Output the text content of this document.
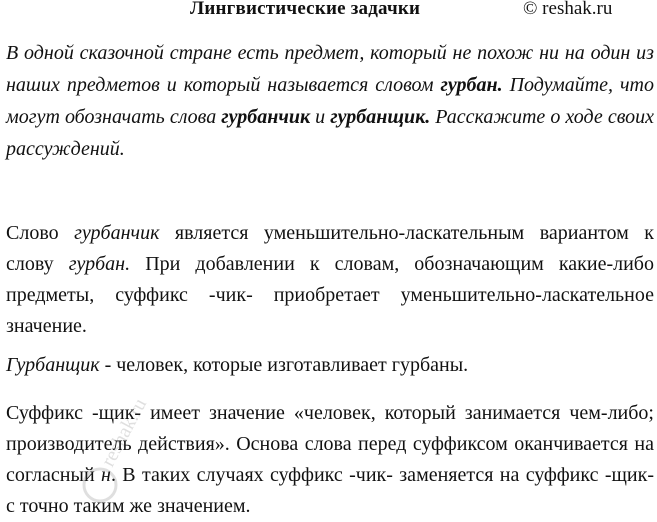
Лингвистические задачки	© reshak.ru
В одной сказочной стране есть предмет, который не похож ни на один из наших предметов и который называется словом гурбан. Подумайте, что могут обозначать слова гурбанчик и гурбанщик. Расскажите о ходе своих рассуждений.
Слово гурбанчик является уменьшительно-ласкательным вариантом к слову гурбан. При добавлении к словам, обозначающим какие-либо предметы, суффикс -чик- приобретает уменьшительно-ласкательное значение.
Гурбанщик - человек, которые изготавливает гурбаны.
Суффикс -щик- имеет значение «человек, который занимается чем-либо; производитель действия». Основа слова перед суффиксом оканчивается на согласный н. В таких случаях суффикс -чик- заменяется на суффикс -щик- с точно таким же значением.
reshak.ru
